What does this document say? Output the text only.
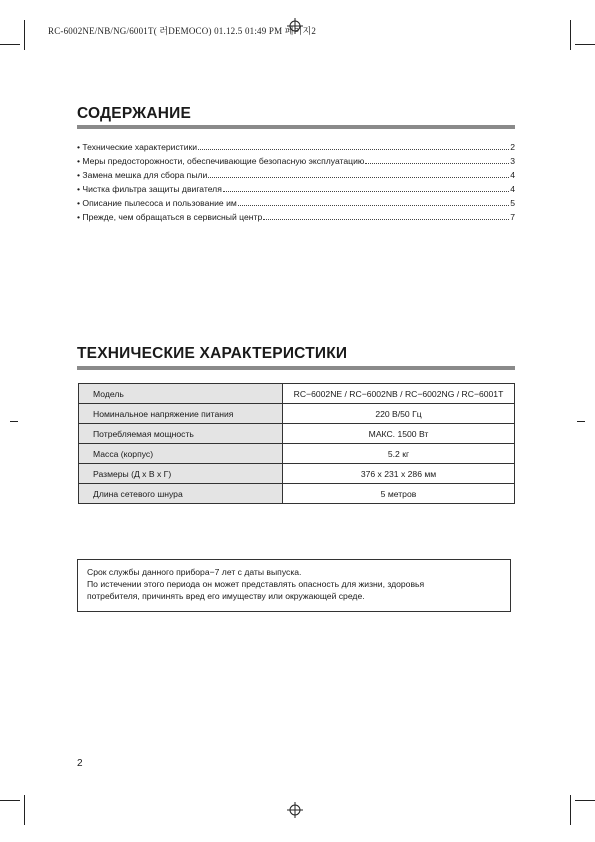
RC-6002NE/NB/NG/6001T( 러DEMOCO) 01.12.5 01:49 PM 페이지2
СОДЕРЖАНИЕ
• Технические характеристики	2
• Меры предосторожности, обеспечивающие безопасную эксплуатацию	3
• Замена мешка для сбора пыли	4
• Чистка фильтра защиты двигателя	4
• Описание пылесоса и пользование им	5
• Прежде, чем обращаться в сервисный центр	7
ТЕХНИЧЕСКИЕ ХАРАКТЕРИСТИКИ
Модель	RC−6002NE / RC−6002NB / RC−6002NG / RC−6001T
Номинальное напряжение питания	220 В/50 Гц
Потребляемая мощность	МАКС. 1500 Вт
Масса (корпус)	5.2 кг
Размеры (Д x В x Г)	376 x 231 x 286 мм
Длина сетевого шнура	5 метров
Срок службы данного прибора−7 лет с даты выпуска.
По истечении этого периода он может представлять опасность для жизни, здоровья
потребителя, причинять вред его имуществу или окружающей среде.
2
